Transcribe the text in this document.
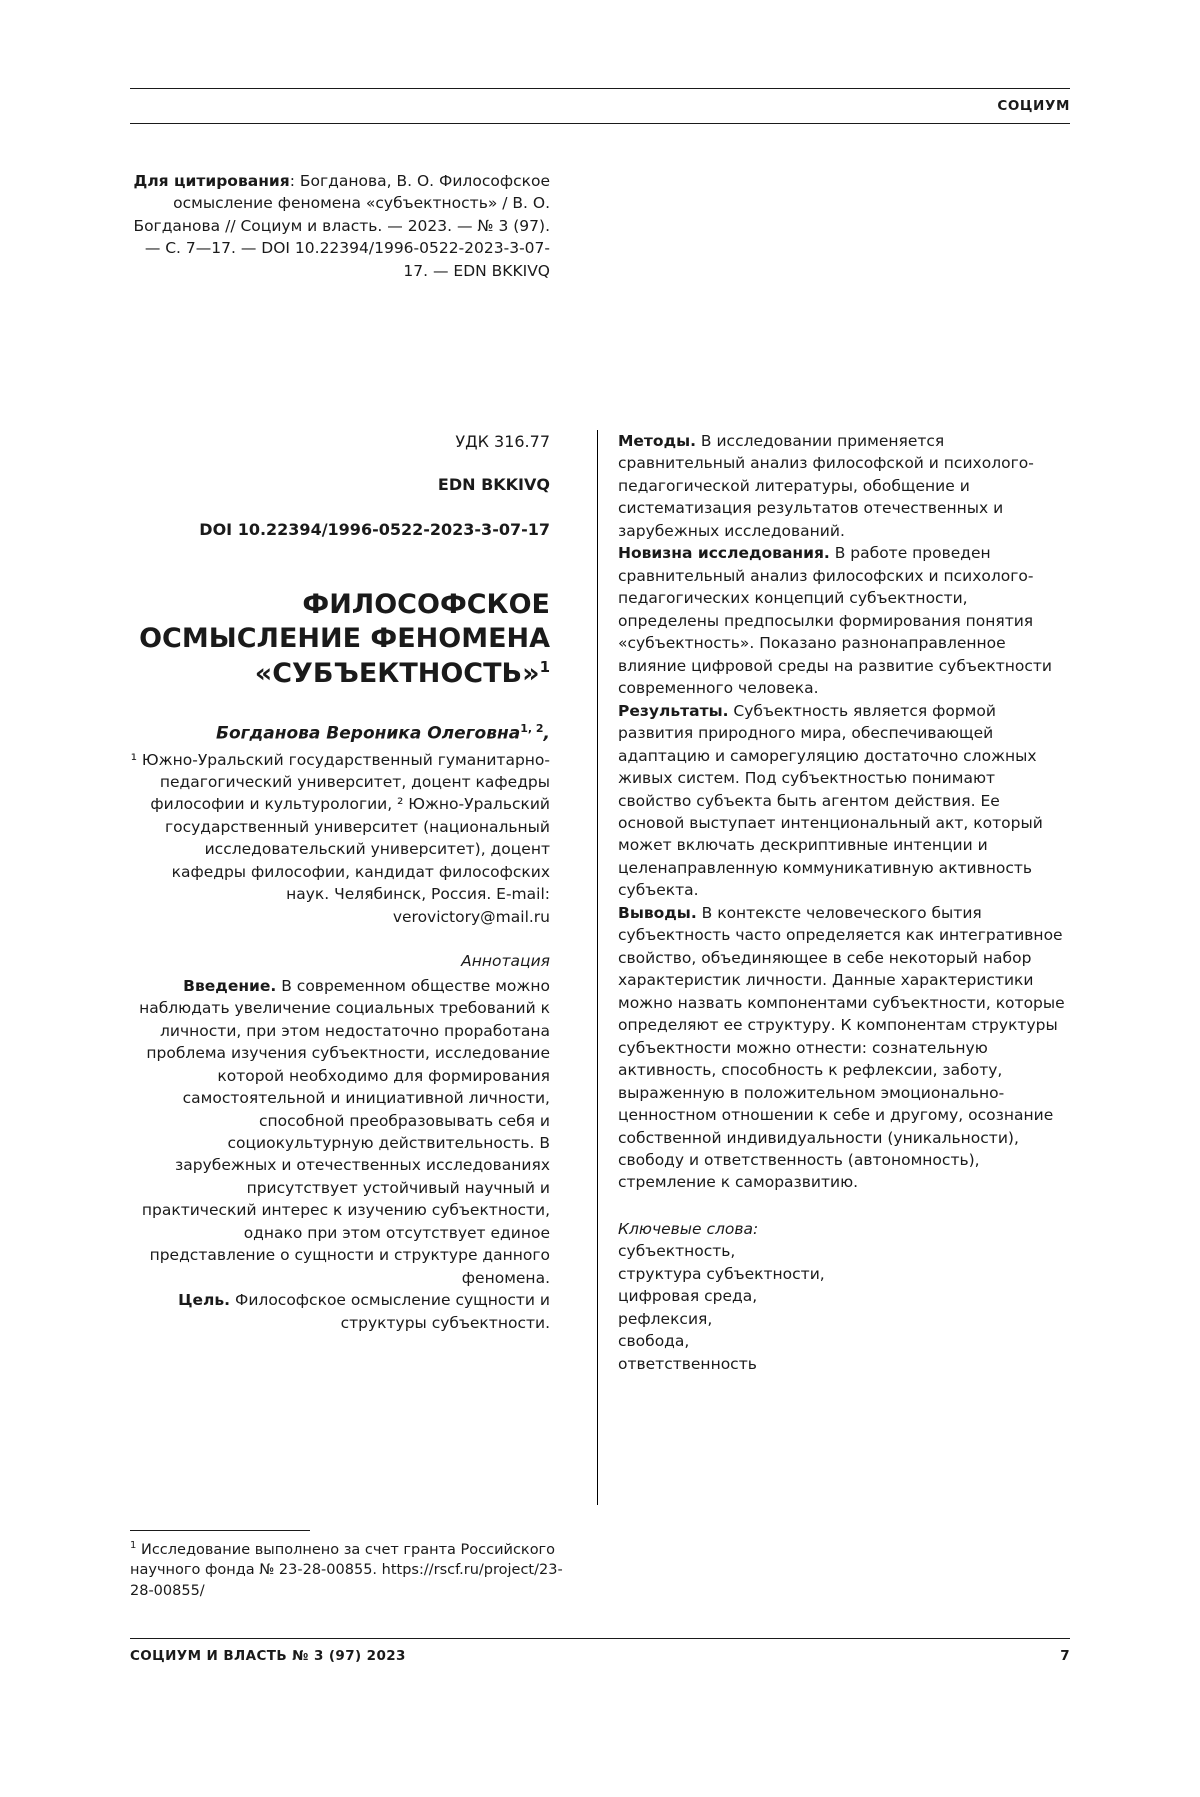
СОЦИУМ
Для цитирования: Богданова, В. О. Философское осмысление феномена «субъектность» / В. О. Богданова // Социум и власть. — 2023. — № 3 (97). — С. 7—17. — DOI 10.22394/1996-0522-2023-3-07-17. — EDN BKKIVQ
УДК 316.77
EDN BKKIVQ
DOI 10.22394/1996-0522-2023-3-07-17
ФИЛОСОФСКОЕ ОСМЫСЛЕНИЕ ФЕНОМЕНА «СУБЪЕКТНОСТЬ»$^1$
Богданова Вероника Олеговна$^{1, 2}$,
¹ Южно-Уральский государственный гуманитарно-педагогический университет, доцент кафедры философии и культурологии, ² Южно-Уральский государственный университет (национальный исследовательский университет), доцент кафедры философии, кандидат философских наук. Челябинск, Россия. E-mail: verovictory@mail.ru
Аннотация

Введение. В современном обществе можно наблюдать увеличение социальных требований к личности, при этом недостаточно проработана проблема изучения субъектности, исследование которой необходимо для формирования самостоятельной и инициативной личности, способной преобразовывать себя и социокультурную действительность. В зарубежных и отечественных исследованиях присутствует устойчивый научный и практический интерес к изучению субъектности, однако при этом отсутствует единое представление о сущности и структуре данного феномена.

Цель. Философское осмысление сущности и структуры субъектности.

Методы. В исследовании применяется сравнительный анализ философской и психолого-педагогической литературы, обобщение и систематизация результатов отечественных и зарубежных исследований.

Новизна исследования. В работе проведен сравнительный анализ философских и психолого-педагогических концепций субъектности, определены предпосылки формирования понятия «субъектность». Показано разнонаправленное влияние цифровой среды на развитие субъектности современного человека.

Результаты. Субъектность является формой развития природного мира, обеспечивающей адаптацию и саморегуляцию достаточно сложных живых систем. Под субъектностью понимают свойство субъекта быть агентом действия. Ее основой выступает интенциональный акт, который может включать дескриптивные интенции и целенаправленную коммуникативную активность субъекта.

Выводы. В контексте человеческого бытия субъектность часто определяется как интегративное свойство, объединяющее в себе некоторый набор характеристик личности. Данные характеристики можно назвать компонентами субъектности, которые определяют ее структуру. К компонентам структуры субъектности можно отнести: сознательную активность, способность к рефлексии, заботу, выраженную в положительном эмоционально-ценностном отношении к себе и другому, осознание собственной индивидуальности (уникальности), свободу и ответственность (автономность), стремление к саморазвитию.

Ключевые слова:
субъектность,
структура субъектности,
цифровая среда,
рефлексия,
свобода,
ответственность
$^1$ Исследование выполнено за счет гранта Российского научного фонда № 23-28-00855. https://rscf.ru/project/23-28-00855/
СОЦИУМ И ВЛАСТЬ № 3 (97) 2023	7
